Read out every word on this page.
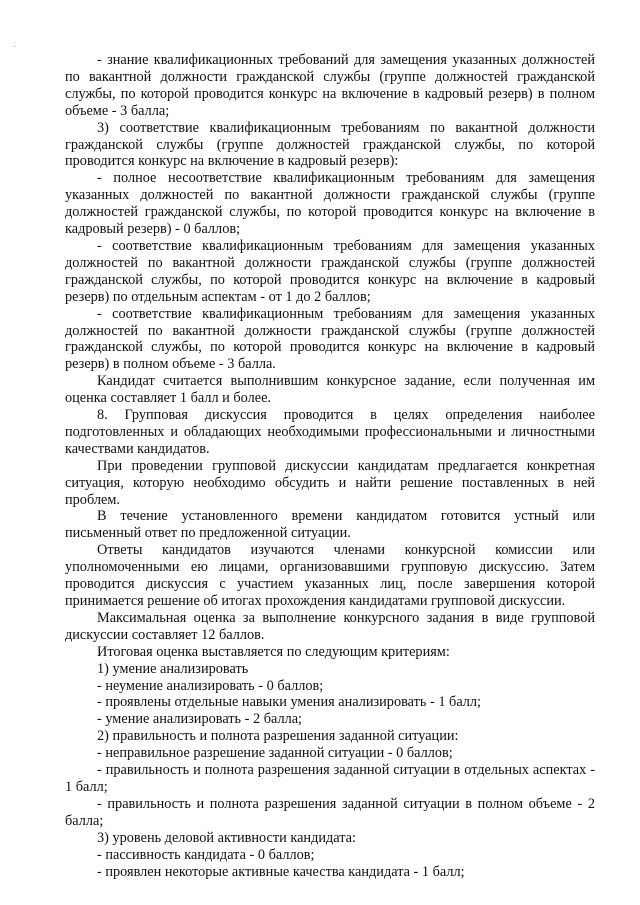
- знание квалификационных требований для замещения указанных должностей по вакантной должности гражданской службы (группе должностей гражданской службы, по которой проводится конкурс на включение в кадровый резерв) в полном объеме - 3 балла;

3) соответствие квалификационным требованиям по вакантной должности гражданской службы (группе должностей гражданской службы, по которой проводится конкурс на включение в кадровый резерв):

- полное несоответствие квалификационным требованиям для замещения указанных должностей по вакантной должности гражданской службы (группе должностей гражданской службы, по которой проводится конкурс на включение в кадровый резерв) - 0 баллов;

- соответствие квалификационным требованиям для замещения указанных должностей по вакантной должности гражданской службы (группе должностей гражданской службы, по которой проводится конкурс на включение в кадровый резерв) по отдельным аспектам - от 1 до 2 баллов;

- соответствие квалификационным требованиям для замещения указанных должностей по вакантной должности гражданской службы (группе должностей гражданской службы, по которой проводится конкурс на включение в кадровый резерв) в полном объеме - 3 балла.

Кандидат считается выполнившим конкурсное задание, если полученная им оценка составляет 1 балл и более.

8. Групповая дискуссия проводится в целях определения наиболее подготовленных и обладающих необходимыми профессиональными и личностными качествами кандидатов.

При проведении групповой дискуссии кандидатам предлагается конкретная ситуация, которую необходимо обсудить и найти решение поставленных в ней проблем.

В течение установленного времени кандидатом готовится устный или письменный ответ по предложенной ситуации.

Ответы кандидатов изучаются членами конкурсной комиссии или уполномоченными ею лицами, организовавшими групповую дискуссию. Затем проводится дискуссия с участием указанных лиц, после завершения которой принимается решение об итогах прохождения кандидатами групповой дискуссии.

Максимальная оценка за выполнение конкурсного задания в виде групповой дискуссии составляет 12 баллов.

Итоговая оценка выставляется по следующим критериям:

1) умение анализировать

- неумение анализировать - 0 баллов;

- проявлены отдельные навыки умения анализировать - 1 балл;

- умение анализировать - 2 балла;

2) правильность и полнота разрешения заданной ситуации:

- неправильное разрешение заданной ситуации - 0 баллов;

- правильность и полнота разрешения заданной ситуации в отдельных аспектах - 1 балл;

- правильность и полнота разрешения заданной ситуации в полном объеме - 2 балла;

3) уровень деловой активности кандидата:

- пассивность кандидата - 0 баллов;

- проявлен некоторые активные качества кандидата - 1 балл;
